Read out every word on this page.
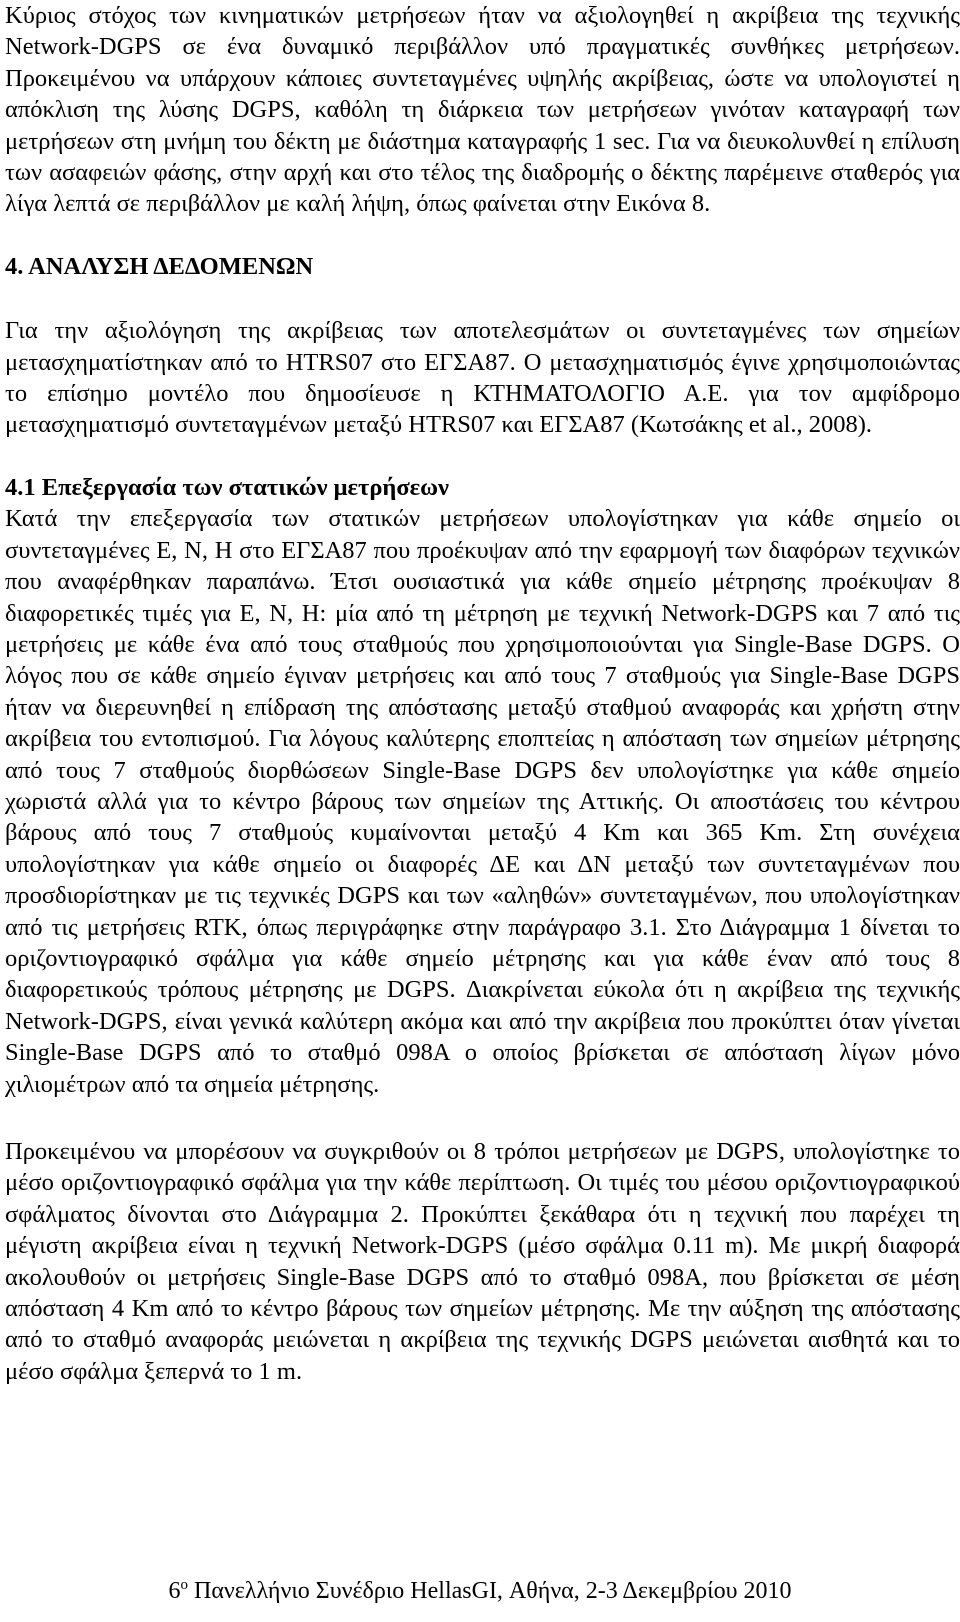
Κύριος στόχος των κινηματικών μετρήσεων ήταν να αξιολογηθεί η ακρίβεια της τεχνικής Network-DGPS σε ένα δυναμικό περιβάλλον υπό πραγματικές συνθήκες μετρήσεων. Προκειμένου να υπάρχουν κάποιες συντεταγμένες υψηλής ακρίβειας, ώστε να υπολογιστεί η απόκλιση της λύσης DGPS, καθόλη τη διάρκεια των μετρήσεων γινόταν καταγραφή των μετρήσεων στη μνήμη του δέκτη με διάστημα καταγραφής 1 sec. Για να διευκολυνθεί η επίλυση των ασαφειών φάσης, στην αρχή και στο τέλος της διαδρομής ο δέκτης παρέμεινε σταθερός για λίγα λεπτά σε περιβάλλον με καλή λήψη, όπως φαίνεται στην Εικόνα 8.

4. ΑΝΑΛΥΣΗ ΔΕΔΟΜΕΝΩΝ

Για την αξιολόγηση της ακρίβειας των αποτελεσμάτων οι συντεταγμένες των σημείων μετασχηματίστηκαν από το HTRS07 στο ΕΓΣΑ87. Ο μετασχηματισμός έγινε χρησιμοποιώντας το επίσημο μοντέλο που δημοσίευσε η ΚΤΗΜΑΤΟΛΟΓΙΟ Α.Ε. για τον αμφίδρομο μετασχηματισμό συντεταγμένων μεταξύ HTRS07 και ΕΓΣΑ87 (Κωτσάκης et al., 2008).

4.1 Επεξεργασία των στατικών μετρήσεων

Κατά την επεξεργασία των στατικών μετρήσεων υπολογίστηκαν για κάθε σημείο οι συντεταγμένες E, N, H στο ΕΓΣΑ87 που προέκυψαν από την εφαρμογή των διαφόρων τεχνικών που αναφέρθηκαν παραπάνω. Έτσι ουσιαστικά για κάθε σημείο μέτρησης προέκυψαν 8 διαφορετικές τιμές για E, N, H: μία από τη μέτρηση με τεχνική Network-DGPS και 7 από τις μετρήσεις με κάθε ένα από τους σταθμούς που χρησιμοποιούνται για Single-Base DGPS. Ο λόγος που σε κάθε σημείο έγιναν μετρήσεις και από τους 7 σταθμούς για Single-Base DGPS ήταν να διερευνηθεί η επίδραση της απόστασης μεταξύ σταθμού αναφοράς και χρήστη στην ακρίβεια του εντοπισμού. Για λόγους καλύτερης εποπτείας η απόσταση των σημείων μέτρησης από τους 7 σταθμούς διορθώσεων Single-Base DGPS δεν υπολογίστηκε για κάθε σημείο χωριστά αλλά για το κέντρο βάρους των σημείων της Αττικής. Οι αποστάσεις του κέντρου βάρους από τους 7 σταθμούς κυμαίνονται μεταξύ 4 Km και 365 Km. Στη συνέχεια υπολογίστηκαν για κάθε σημείο οι διαφορές ΔΕ και ΔΝ μεταξύ των συντεταγμένων που προσδιορίστηκαν με τις τεχνικές DGPS και των «αληθών» συντεταγμένων, που υπολογίστηκαν από τις μετρήσεις RTK, όπως περιγράφηκε στην παράγραφο 3.1. Στο Διάγραμμα 1 δίνεται το οριζοντιογραφικό σφάλμα για κάθε σημείο μέτρησης και για κάθε έναν από τους 8 διαφορετικούς τρόπους μέτρησης με DGPS. Διακρίνεται εύκολα ότι η ακρίβεια της τεχνικής Network-DGPS, είναι γενικά καλύτερη ακόμα και από την ακρίβεια που προκύπτει όταν γίνεται Single-Base DGPS από το σταθμό 098A ο οποίος βρίσκεται σε απόσταση λίγων μόνο χιλιομέτρων από τα σημεία μέτρησης.

Προκειμένου να μπορέσουν να συγκριθούν οι 8 τρόποι μετρήσεων με DGPS, υπολογίστηκε το μέσο οριζοντιογραφικό σφάλμα για την κάθε περίπτωση. Οι τιμές του μέσου οριζοντιογραφικού σφάλματος δίνονται στο Διάγραμμα 2. Προκύπτει ξεκάθαρα ότι η τεχνική που παρέχει τη μέγιστη ακρίβεια είναι η τεχνική Network-DGPS (μέσο σφάλμα 0.11 m). Με μικρή διαφορά ακολουθούν οι μετρήσεις Single-Base DGPS από το σταθμό 098A, που βρίσκεται σε μέση απόσταση 4 Km από το κέντρο βάρους των σημείων μέτρησης. Με την αύξηση της απόστασης από το σταθμό αναφοράς μειώνεται η ακρίβεια της τεχνικής DGPS μειώνεται αισθητά και το μέσο σφάλμα ξεπερνά το 1 m.

$6^o$ Πανελλήνιο Συνέδριο HellasGI, Αθήνα, 2-3 Δεκεμβρίου 2010
